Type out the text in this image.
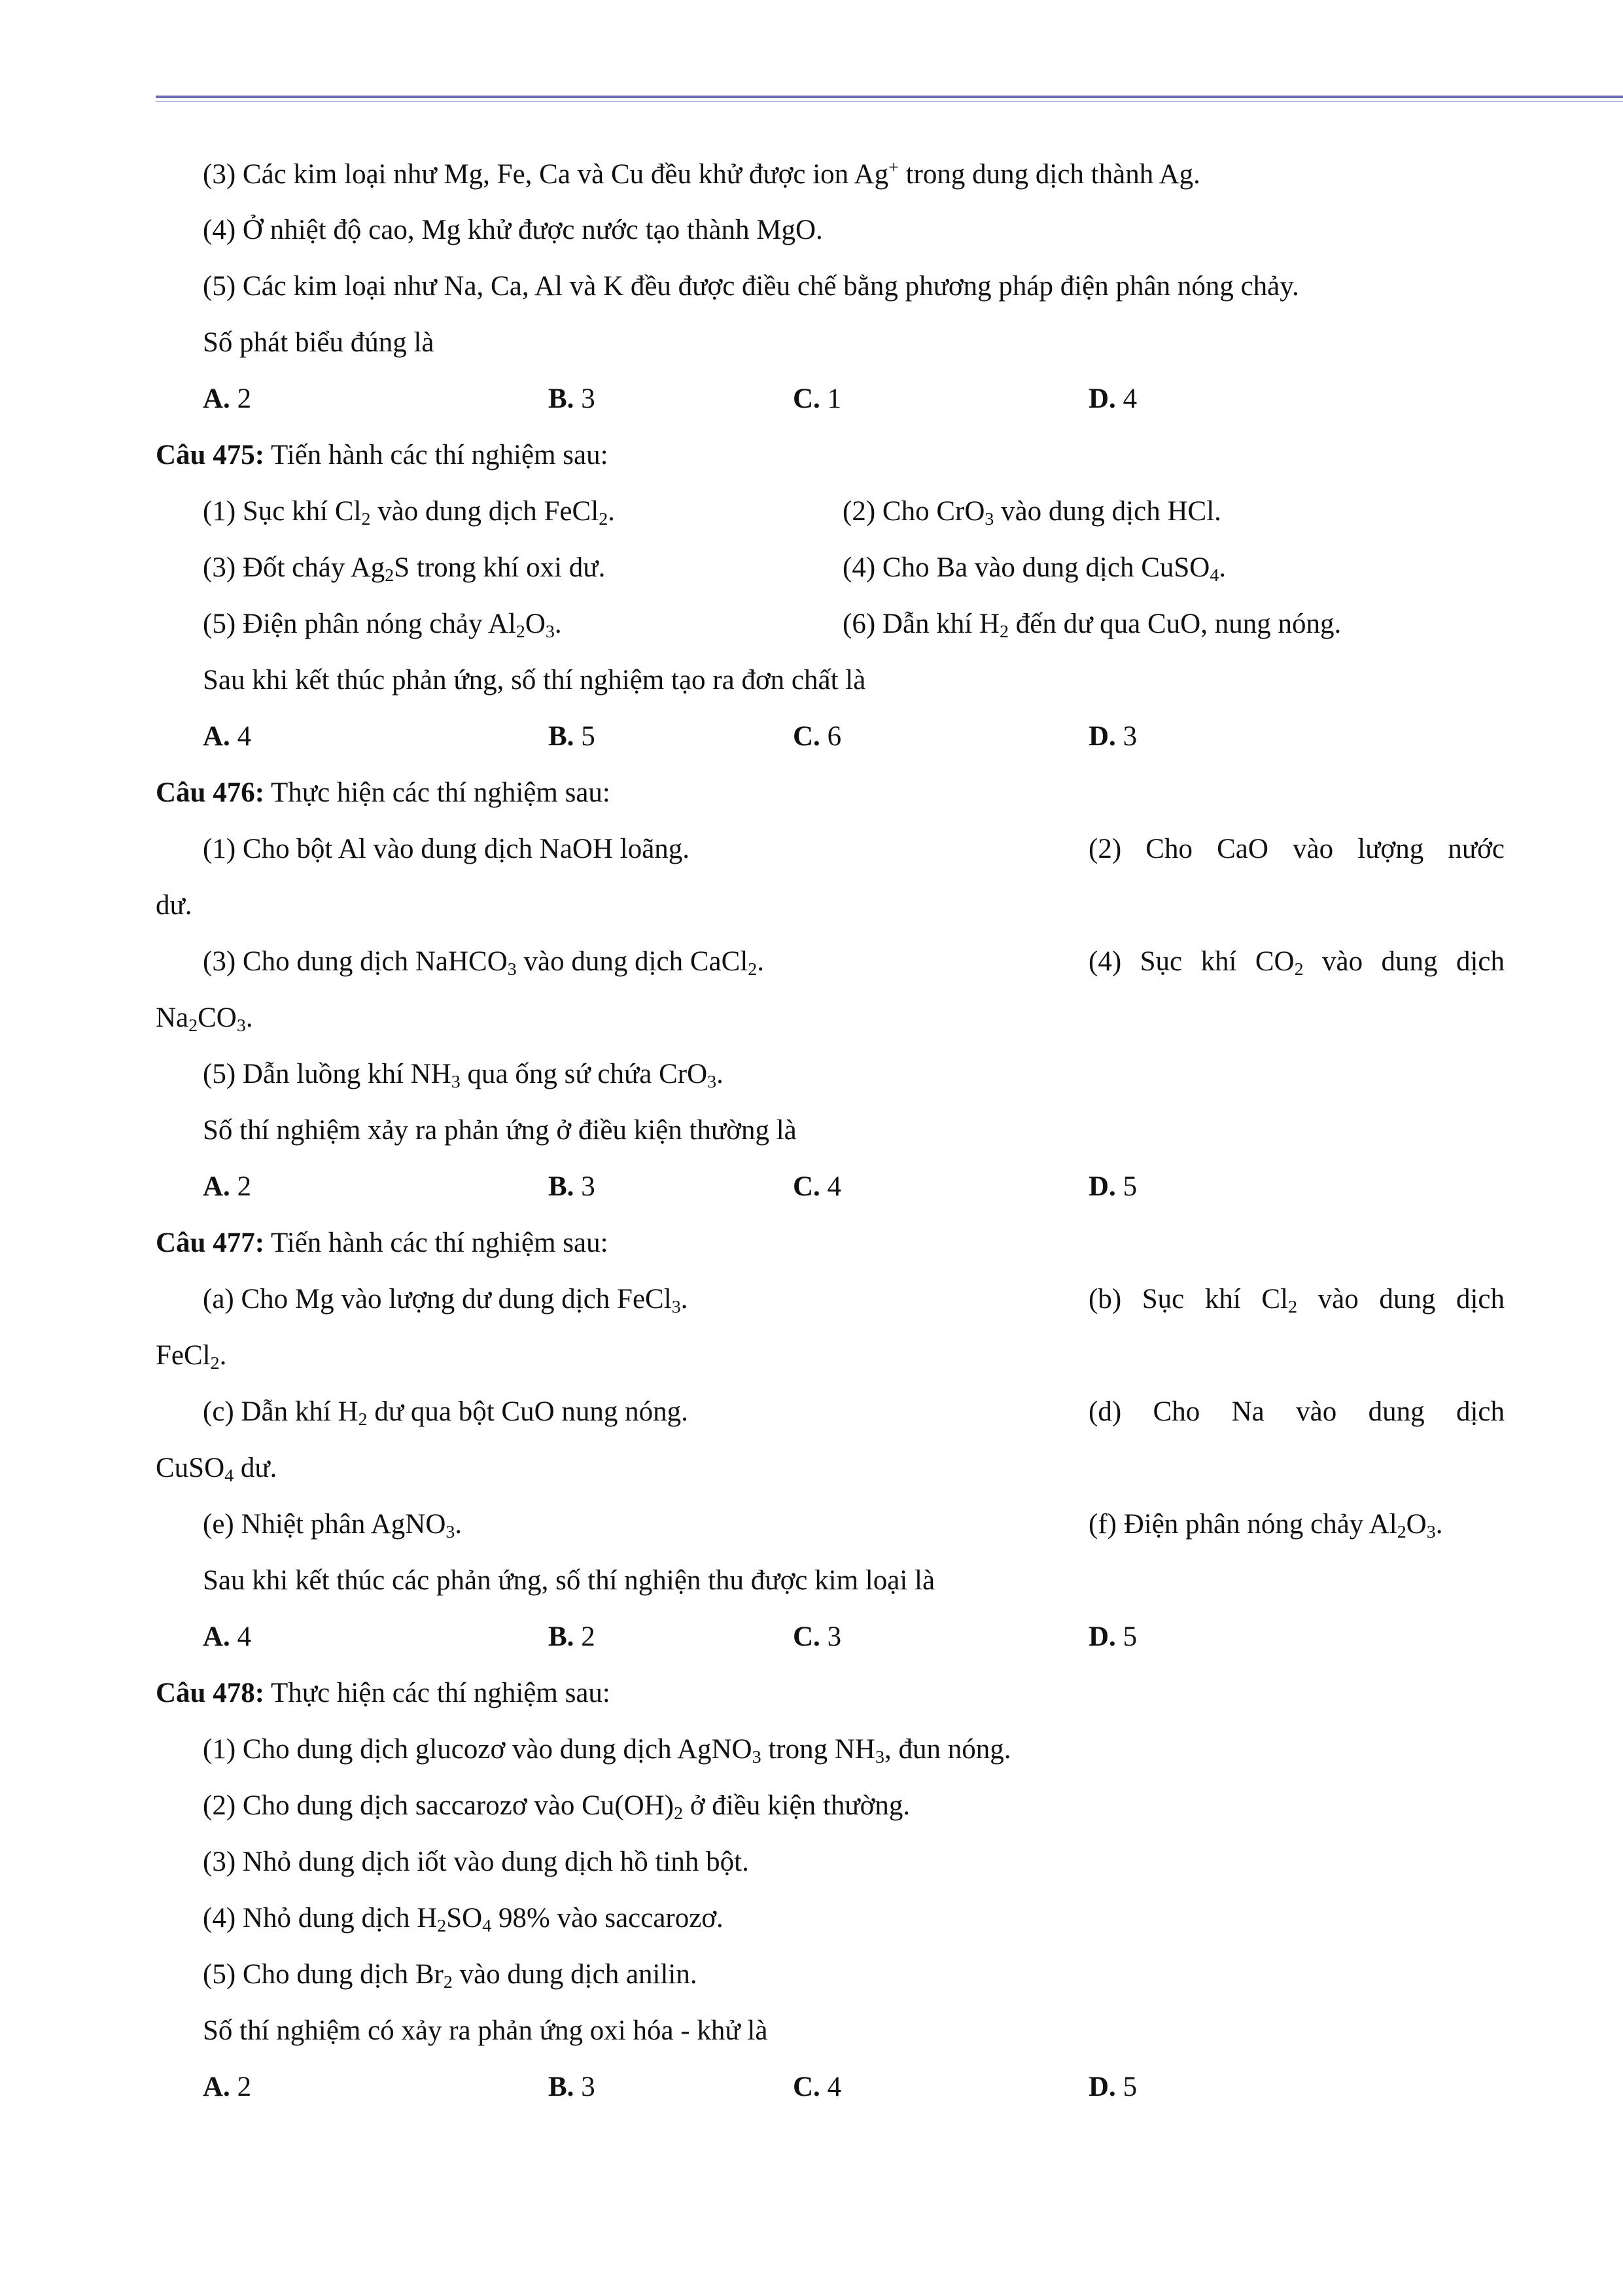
(3) Các kim loại như Mg, Fe, Ca và Cu đều khử được ion Ag+ trong dung dịch thành Ag.
(4) Ở nhiệt độ cao, Mg khử được nước tạo thành MgO.
(5) Các kim loại như Na, Ca, Al và K đều được điều chế bằng phương pháp điện phân nóng chảy.
Số phát biểu đúng là
A. 2	B. 3	C. 1	D. 4
Câu 475: Tiến hành các thí nghiệm sau:
(1) Sục khí $Cl_2$ vào dung dịch FeCl$_2$.	(2) Cho CrO$_3$ vào dung dịch HCl.
(3) Đốt cháy $Ag_2S$ trong khí oxi dư.	(4) Cho Ba vào dung dịch CuSO$_4$.
(5) Điện phân nóng chảy $Al_2O_3$.	(6) Dẫn khí $H_2$ đến dư qua CuO, nung nóng.
Sau khi kết thúc phản ứng, số thí nghiệm tạo ra đơn chất là
A. 4	B. 5	C. 6	D. 3
Câu 476: Thực hiện các thí nghiệm sau:
(1) Cho bột Al vào dung dịch NaOH loãng.	(2) Cho CaO vào lượng nước
dư.
(3) Cho dung dịch NaHCO$_3$ vào dung dịch CaCl$_2$.	(4) Sục khí $CO_2$ vào dung dịch
$Na_2CO_3$.
(5) Dẫn luồng khí $NH_3$ qua ống sứ chứa CrO$_3$.
Số thí nghiệm xảy ra phản ứng ở điều kiện thường là
A. 2	B. 3	C. 4	D. 5
Câu 477: Tiến hành các thí nghiệm sau:
(a) Cho Mg vào lượng dư dung dịch FeCl$_3$.	(b) Sục khí $Cl_2$ vào dung dịch
FeCl$_2$.
(c) Dẫn khí $H_2$ dư qua bột CuO nung nóng.	(d) Cho Na vào dung dịch
CuSO$_4$ dư.
(e) Nhiệt phân AgNO$_3$.	(f) Điện phân nóng chảy $Al_2O_3$.
Sau khi kết thúc các phản ứng, số thí nghiện thu được kim loại là
A. 4	B. 2	C. 3	D. 5
Câu 478: Thực hiện các thí nghiệm sau:
(1) Cho dung dịch glucozơ vào dung dịch AgNO$_3$ trong $NH_3$, đun nóng.
(2) Cho dung dịch saccarozơ vào $Cu(OH)_2$ ở điều kiện thường.
(3) Nhỏ dung dịch iốt vào dung dịch hồ tinh bột.
(4) Nhỏ dung dịch $H_2SO_4$ 98% vào saccarozơ.
(5) Cho dung dịch $Br_2$ vào dung dịch anilin.
Số thí nghiệm có xảy ra phản ứng oxi hóa - khử là
A. 2	B. 3	C. 4	D. 5
